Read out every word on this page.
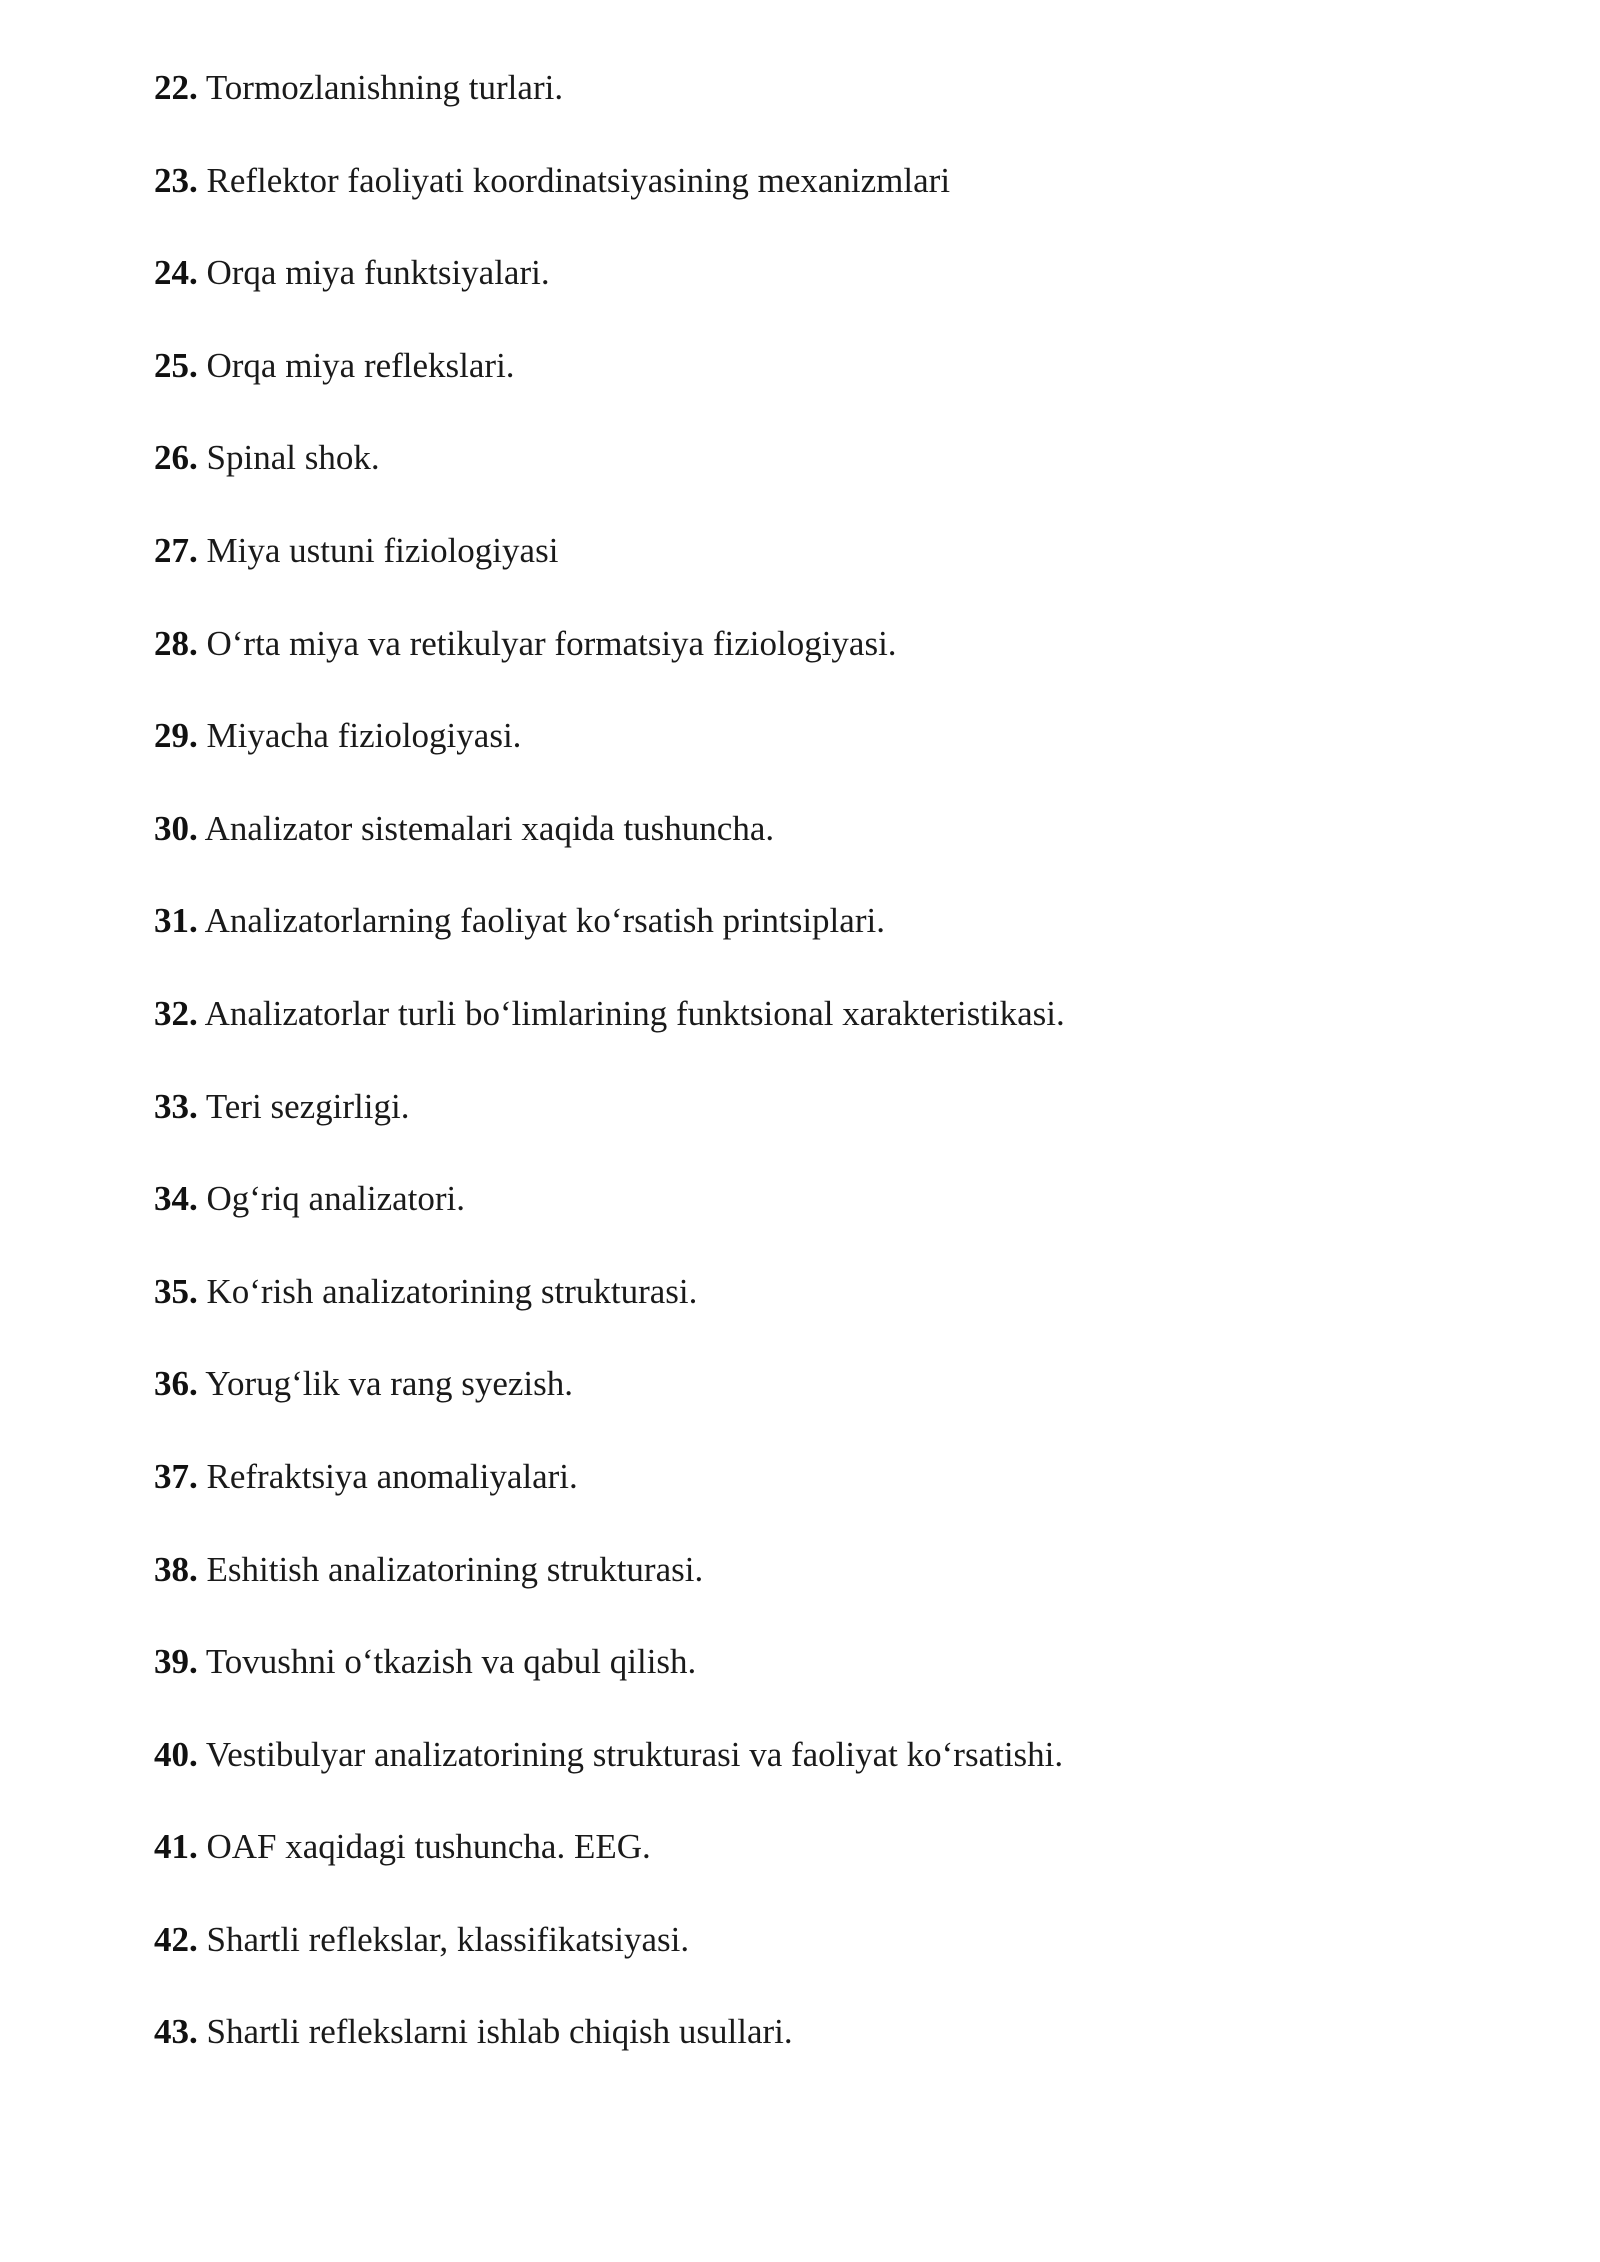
22. Tormozlanishning turlari.
23. Reflektor faoliyati koordinatsiyasining mexanizmlari
24. Orqa miya funktsiyalari.
25. Orqa miya reflekslari.
26. Spinal shok.
27. Miya ustuni fiziologiyasi
28. O‘rta miya va retikulyar formatsiya fiziologiyasi.
29. Miyacha fiziologiyasi.
30. Analizator sistemalari xaqida tushuncha.
31. Analizatorlarning faoliyat ko‘rsatish printsiplari.
32. Analizatorlar turli bo‘limlarining funktsional xarakteristikasi.
33. Teri sezgirligi.
34. Og‘riq analizatori.
35. Ko‘rish analizatorining strukturasi.
36. Yorug‘lik va rang syezish.
37. Refraktsiya anomaliyalari.
38. Eshitish analizatorining strukturasi.
39. Tovushni o‘tkazish va qabul qilish.
40. Vestibulyar analizatorining strukturasi va faoliyat ko‘rsatishi.
41. OAF xaqidagi tushuncha. EEG.
42. Shartli reflekslar, klassifikatsiyasi.
43. Shartli reflekslarni ishlab chiqish usullari.
